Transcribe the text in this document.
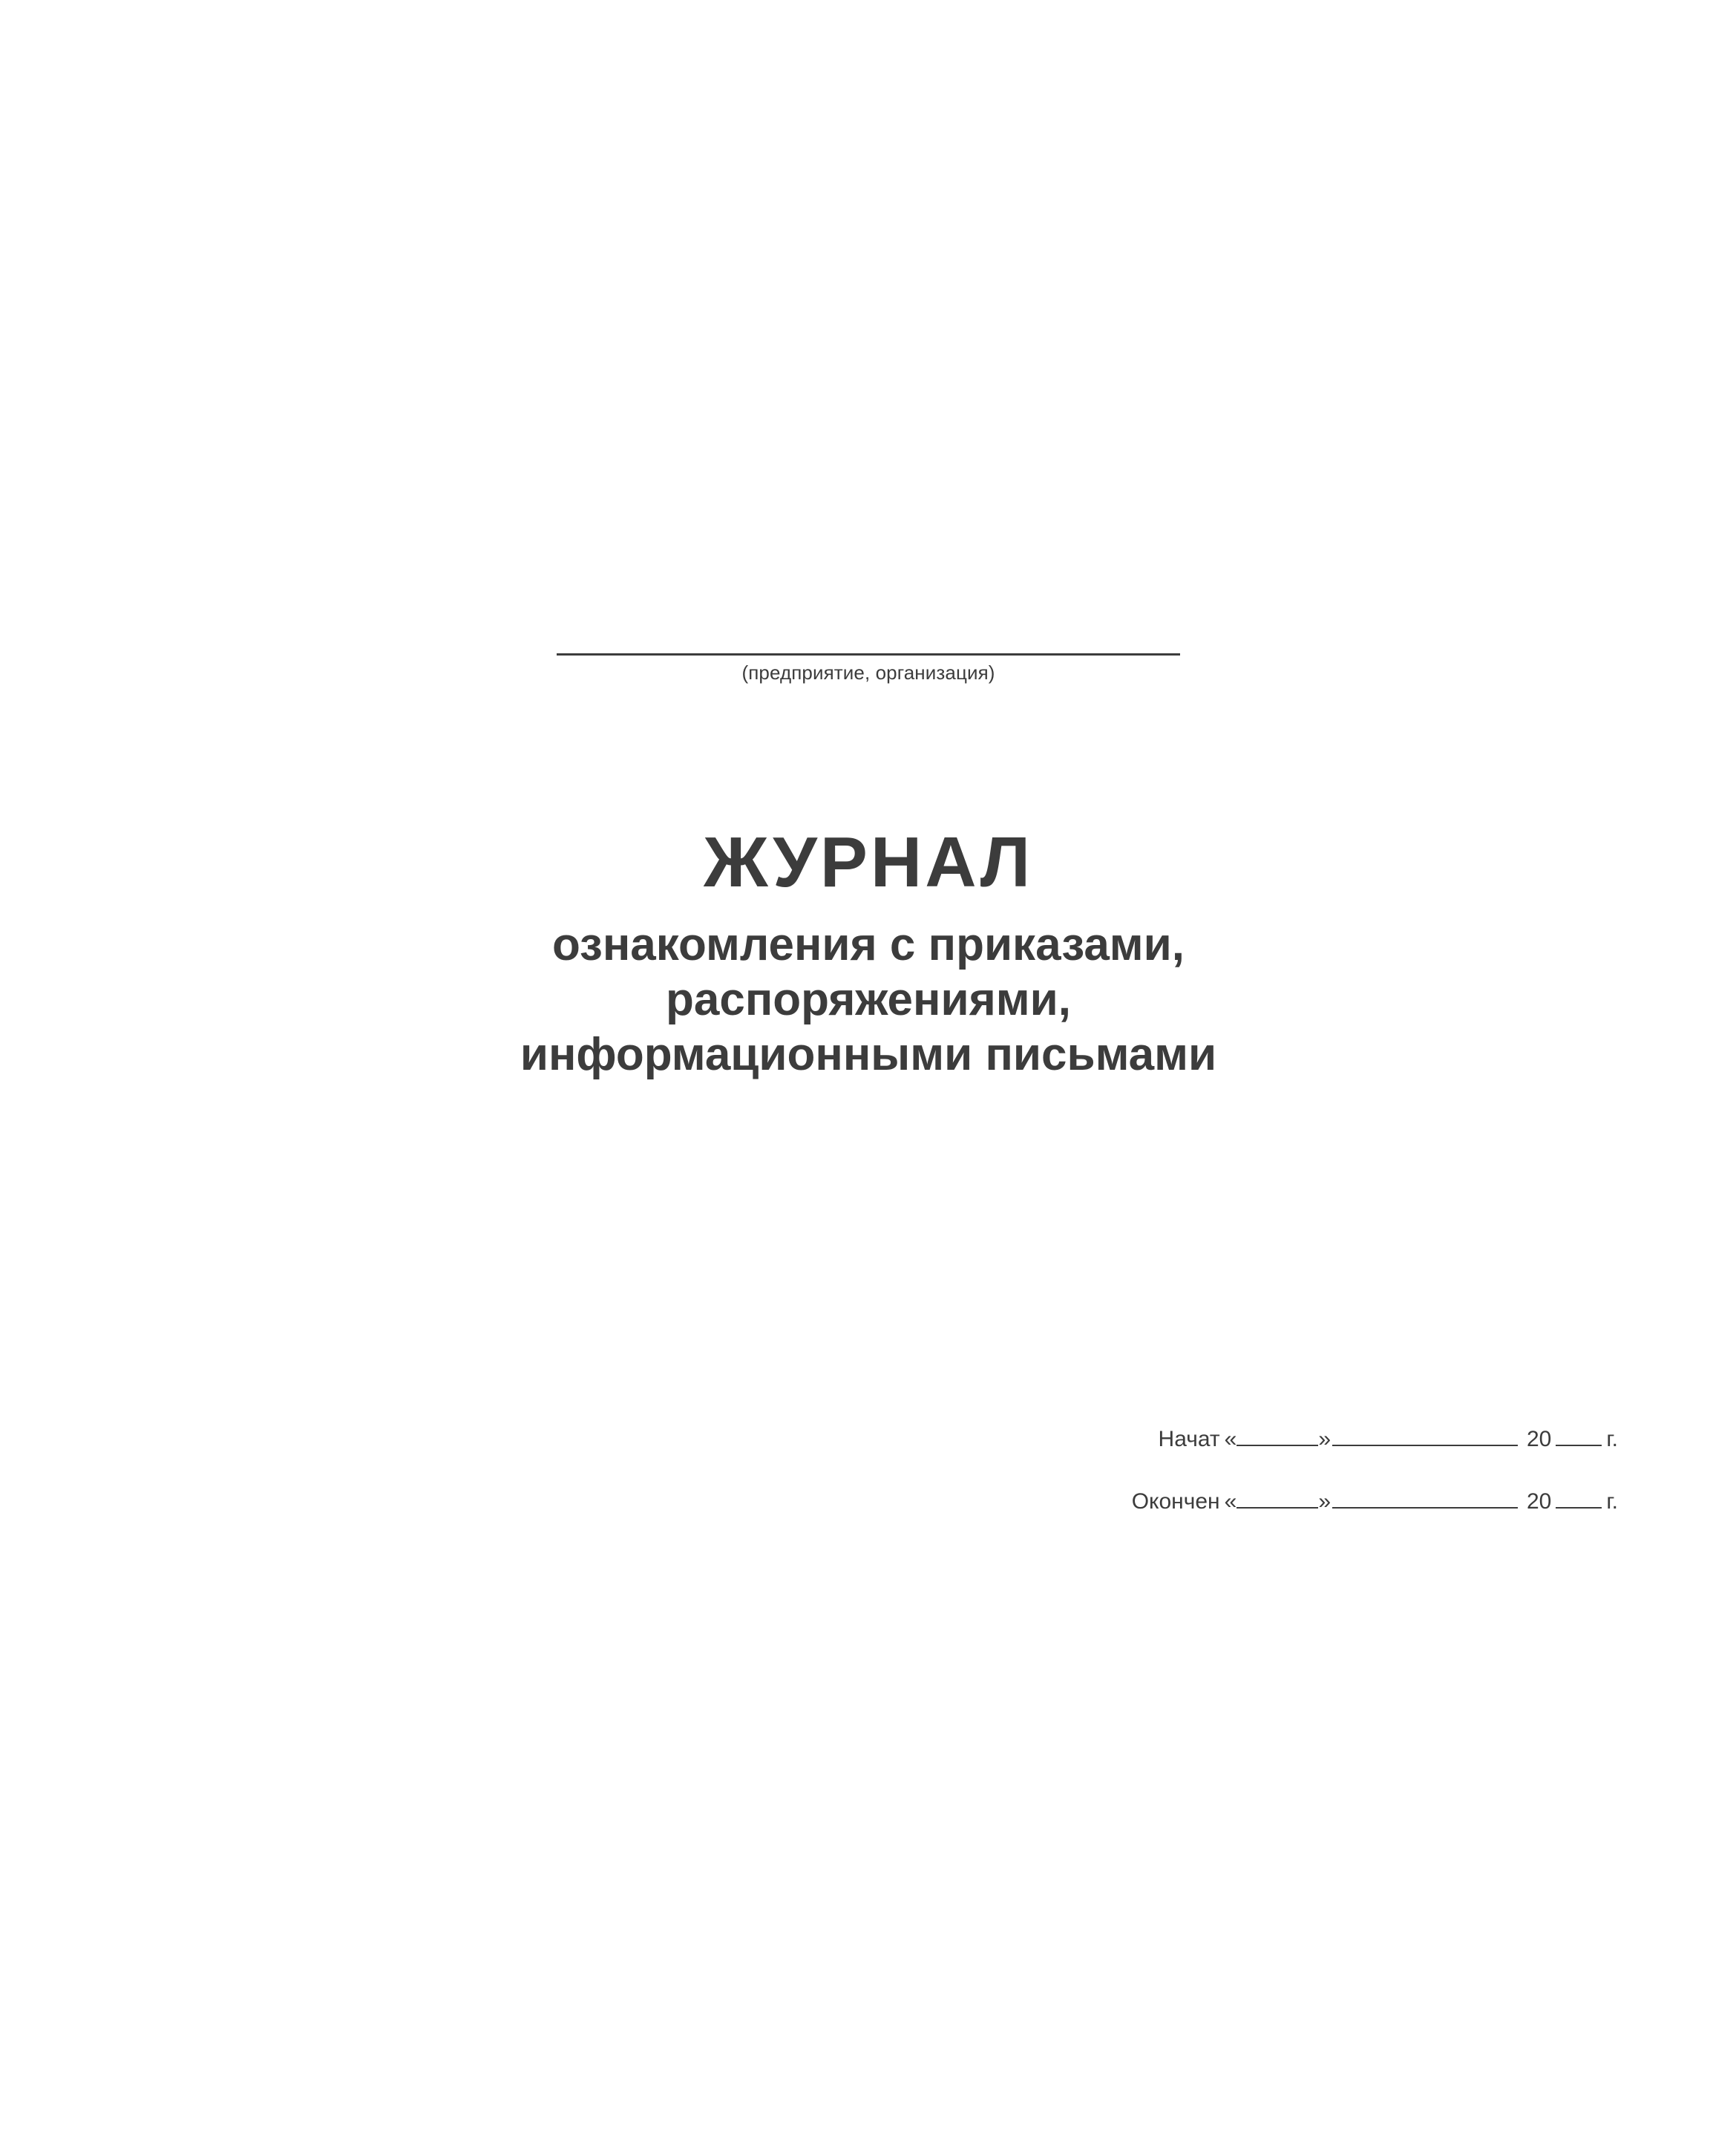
(предприятие, организация)
ЖУРНАЛ
ознакомления с приказами,
распоряжениями,
информационными письмами
Начат «	»	20 г.
Окончен «	»	20 г.
